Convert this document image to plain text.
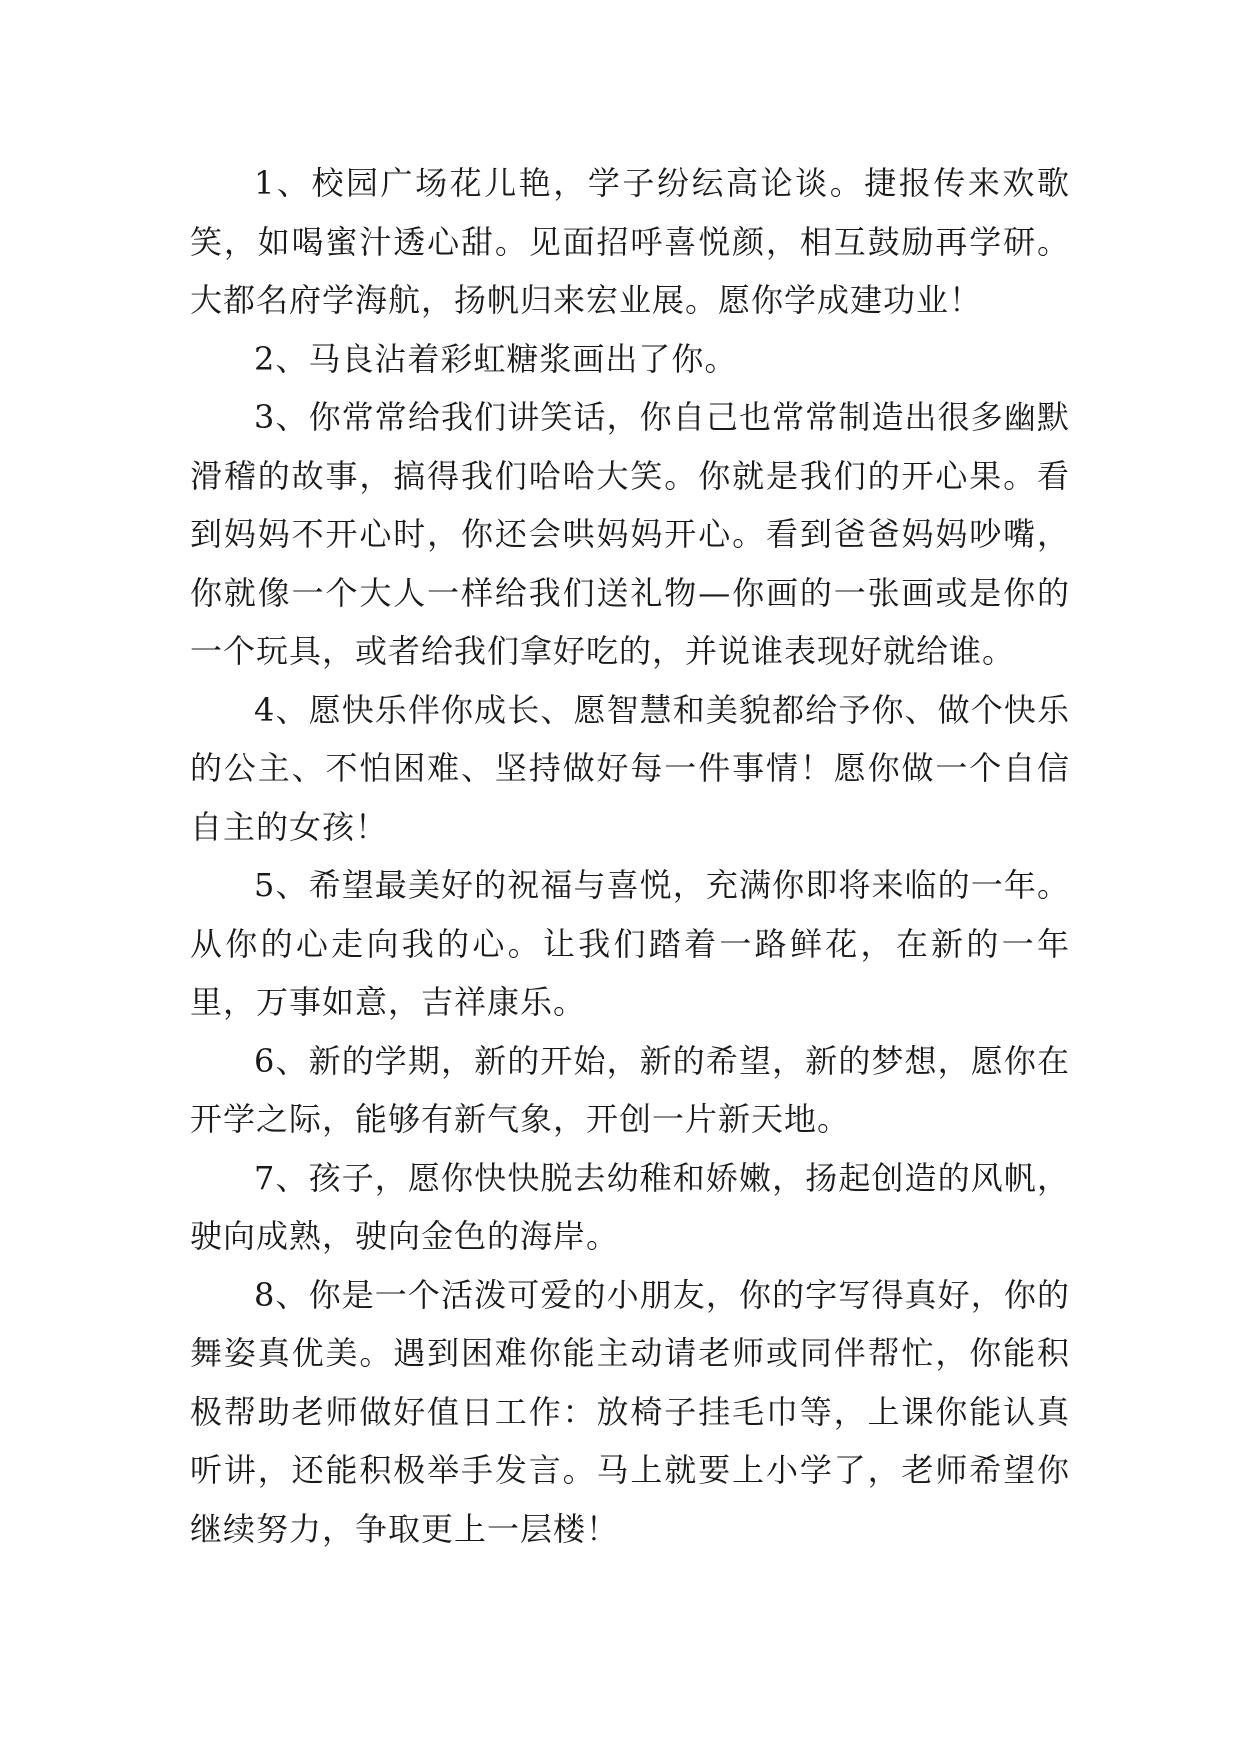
1、校园广场花儿艳，学子纷纭高论谈。捷报传来欢歌笑，如喝蜜汁透心甜。见面招呼喜悦颜，相互鼓励再学研。大都名府学海航，扬帆归来宏业展。愿你学成建功业！

2、马良沾着彩虹糖浆画出了你。

3、你常常给我们讲笑话，你自己也常常制造出很多幽默滑稽的故事，搞得我们哈哈大笑。你就是我们的开心果。看到妈妈不开心时，你还会哄妈妈开心。看到爸爸妈妈吵嘴，你就像一个大人一样给我们送礼物—你画的一张画或是你的一个玩具，或者给我们拿好吃的，并说谁表现好就给谁。

4、愿快乐伴你成长、愿智慧和美貌都给予你、做个快乐的公主、不怕困难、坚持做好每一件事情！愿你做一个自信自主的女孩！

5、希望最美好的祝福与喜悦，充满你即将来临的一年。从你的心走向我的心。让我们踏着一路鲜花，在新的一年里，万事如意，吉祥康乐。

6、新的学期，新的开始，新的希望，新的梦想，愿你在开学之际，能够有新气象，开创一片新天地。

7、孩子，愿你快快脱去幼稚和娇嫩，扬起创造的风帆，驶向成熟，驶向金色的海岸。

8、你是一个活泼可爱的小朋友，你的字写得真好，你的舞姿真优美。遇到困难你能主动请老师或同伴帮忙，你能积极帮助老师做好值日工作：放椅子挂毛巾等，上课你能认真听讲，还能积极举手发言。马上就要上小学了，老师希望你继续努力，争取更上一层楼！
